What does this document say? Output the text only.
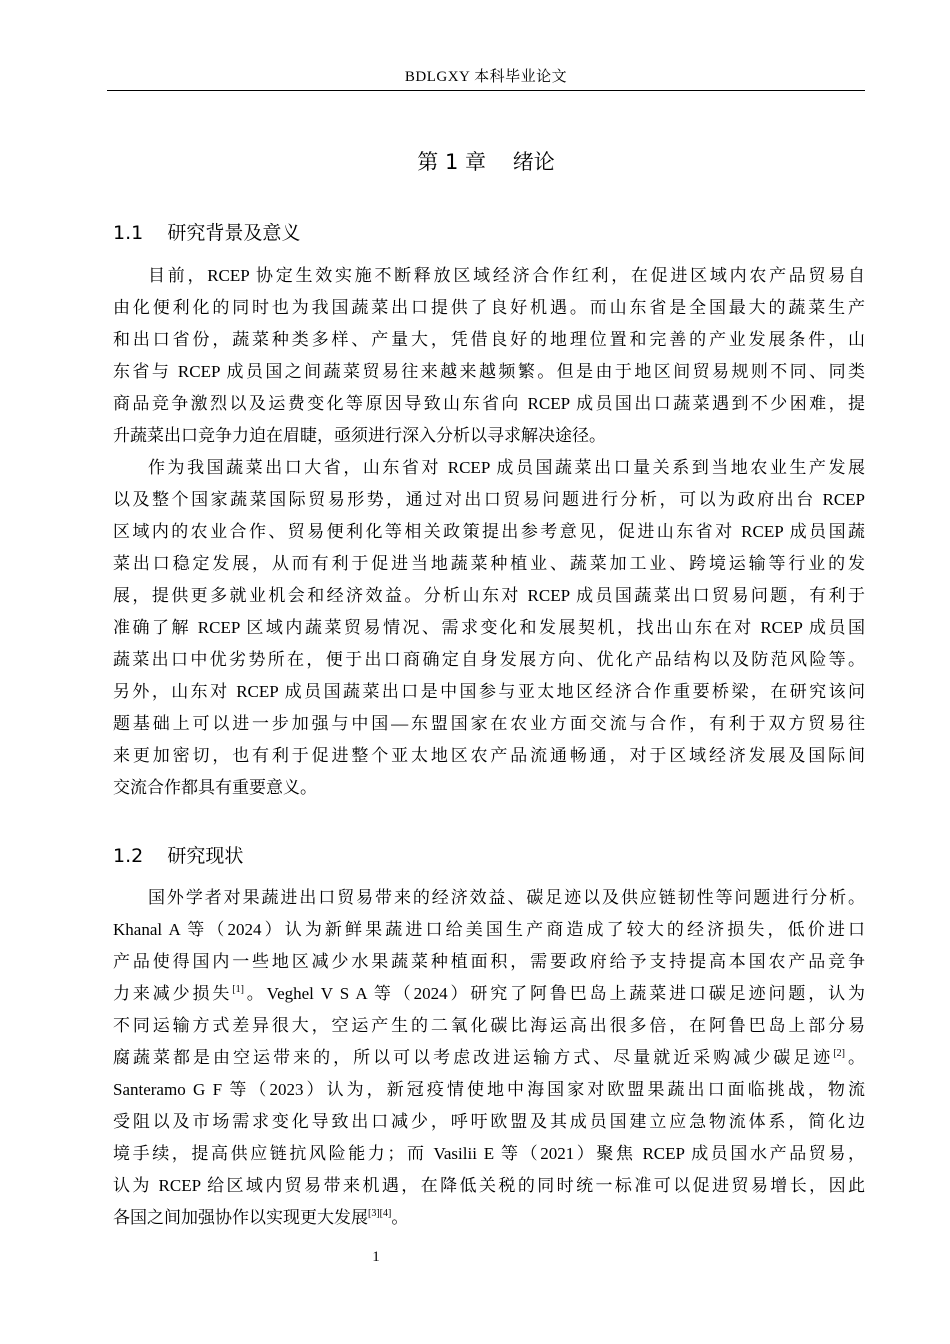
BDLGXY 本科毕业论文
第 1 章    绪论
1.1    研究背景及意义
目前，RCEP 协定生效实施不断释放区域经济合作红利，在促进区域内农产品贸易自
由化便利化的同时也为我国蔬菜出口提供了良好机遇。而山东省是全国最大的蔬菜生产
和出口省份，蔬菜种类多样、产量大，凭借良好的地理位置和完善的产业发展条件，山
东省与 RCEP 成员国之间蔬菜贸易往来越来越频繁。但是由于地区间贸易规则不同、同类
商品竞争激烈以及运费变化等原因导致山东省向 RCEP 成员国出口蔬菜遇到不少困难，提
升蔬菜出口竞争力迫在眉睫，亟须进行深入分析以寻求解决途径。
作为我国蔬菜出口大省，山东省对 RCEP 成员国蔬菜出口量关系到当地农业生产发展
以及整个国家蔬菜国际贸易形势，通过对出口贸易问题进行分析，可以为政府出台 RCEP
区域内的农业合作、贸易便利化等相关政策提出参考意见，促进山东省对 RCEP 成员国蔬
菜出口稳定发展，从而有利于促进当地蔬菜种植业、蔬菜加工业、跨境运输等行业的发
展，提供更多就业机会和经济效益。分析山东对 RCEP 成员国蔬菜出口贸易问题，有利于
准确了解 RCEP 区域内蔬菜贸易情况、需求变化和发展契机，找出山东在对 RCEP 成员国
蔬菜出口中优劣势所在，便于出口商确定自身发展方向、优化产品结构以及防范风险等。
另外，山东对 RCEP 成员国蔬菜出口是中国参与亚太地区经济合作重要桥梁，在研究该问
题基础上可以进一步加强与中国—东盟国家在农业方面交流与合作，有利于双方贸易往
来更加密切，也有利于促进整个亚太地区农产品流通畅通，对于区域经济发展及国际间
交流合作都具有重要意义。
1.2    研究现状
国外学者对果蔬进出口贸易带来的经济效益、碳足迹以及供应链韧性等问题进行分析。
Khanal A 等（2024）认为新鲜果蔬进口给美国生产商造成了较大的经济损失，低价进口
产品使得国内一些地区减少水果蔬菜种植面积，需要政府给予支持提高本国农产品竞争
力来减少损失[1]。Veghel V S A 等（2024）研究了阿鲁巴岛上蔬菜进口碳足迹问题，认为
不同运输方式差异很大，空运产生的二氧化碳比海运高出很多倍，在阿鲁巴岛上部分易
腐蔬菜都是由空运带来的，所以可以考虑改进运输方式、尽量就近采购减少碳足迹[2]。
Santeramo G F 等（2023）认为，新冠疫情使地中海国家对欧盟果蔬出口面临挑战，物流
受阻以及市场需求变化导致出口减少，呼吁欧盟及其成员国建立应急物流体系，简化边
境手续，提高供应链抗风险能力；而 Vasilii E 等（2021）聚焦 RCEP 成员国水产品贸易，
认为 RCEP 给区域内贸易带来机遇，在降低关税的同时统一标准可以促进贸易增长，因此
各国之间加强协作以实现更大发展[3][4]。
1
